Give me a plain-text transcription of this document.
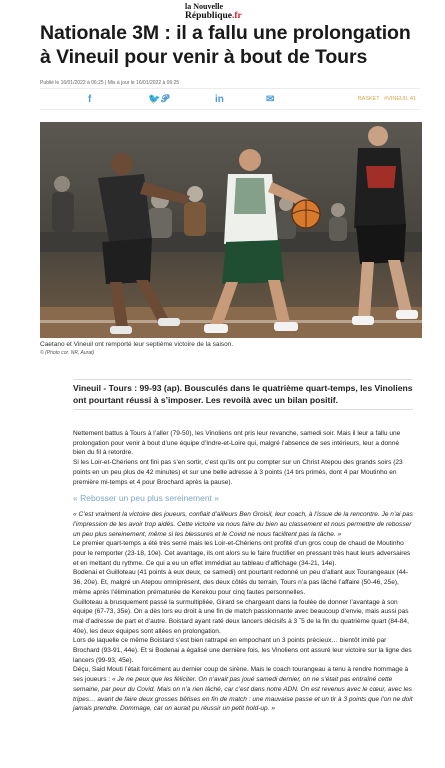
la Nouvelle
République.fr
Nationale 3M : il a fallu une prolongation à Vineuil pour venir à bout de Tours
Publié le 16/01/2022 à 06:25 | Mis à jour le 16/01/2022 à 06:25
f	🐦 𝓟	in	✉	BASKET #VINEUIL 41
Caetano et Vineuil ont remporté leur septième victoire de la saison.
© (Photo cor. NR, Aurat)
Vineuil - Tours : 99-93 (ap). Bousculés dans le quatrième quart-temps, les Vinoliens ont pourtant réussi à s’imposer. Les revoilà avec un bilan positif.

Nettement battus à Tours à l’aller (79-50), les Vinoliens ont pris leur revanche, samedi soir. Mais il leur a fallu une prolongation pour venir à bout d’une équipe d’Indre-et-Loire qui, malgré l’absence de ses intérieurs, leur a donné bien du fil à retordre.

Si les Loir-et-Chériens ont fini pas s’en sortir, c’est qu’ils ont pu compter sur un Christ Atepou des grands soirs (23 points en un peu plus de 42 minutes) et sur une belle adresse à 3 points (14 tirs primés, dont 4 par Moutinho en première mi-temps et 4 pour Brochard après la pause).

« Rebosser un peu plus sereinement »

« C’est vraiment la victoire des joueurs, confiait d’ailleurs Ben Groisil, leur coach, à l’issue de la rencontre. Je n’ai pas l’impression de les avoir trop aidés. Cette victoire va nous faire du bien au classement et nous permettre de rebosser un peu plus sereinement, même si les blessures et le Covid ne nous facilitent pas la tâche. »

Le premier quart-temps a été très serré mais les Loir-et-Chériens ont profité d’un gros coup de chaud de Moutinho pour le remporter (23-18, 10e). Cet avantage, ils ont alors su le faire fructifier en pressant très haut leurs adversaires et en mettant du rythme. Ce qui a eu un effet immédiat au tableau d’affichage (34-21, 14e).

Bodenai et Guilloteau (41 points à eux deux, ce samedi) ont pourtant redonné un peu d’allant aux Tourangeaux (44-36, 20e). Et, malgré un Atepou omniprésent, des deux côtés du terrain, Tours n’a pas lâché l’affaire (50-46, 25e), même après l’élimination prématurée de Kerekou pour cinq fautes personnelles.

Guilloteau a brusquement passé la surmultipliée, Girard se chargeant dans la foulée de donner l’avantage à son équipe (67-73, 35e). On a dès lors eu droit à une fin de match passionnante avec beaucoup d’envie, mais aussi pas mal d’adresse de part et d’autre. Boistard ayant raté deux lancers décisifs à 3 ˝5 de la fin du quatrième quart (84-84, 40e), les deux équipes sont allées en prolongation.

Lors de laquelle ce même Boistard s’est bien rattrapé en empochant un 3 points précieux… bientôt imité par Brochard (93-91, 44e). Et si Bodenai a égalisé une dernière fois, les Vinoliens ont assuré leur victoire sur la ligne des lancers (99-93, 45e).

Déçu, Said Mouti l’était forcément au dernier coup de sirène. Mais le coach tourangeau a tenu à rendre hommage à ses joueurs : « Je ne peux que les féliciter. On n’avait pas joué samedi dernier, on ne s’était pas entraîné cette semaine, par peur du Covid. Mais on n’a rien lâché, car c’est dans notre ADN. On est revenus avec le cœur, avec les tripes… avant de faire deux grosses bêtises en fin de match : une mauvaise passe et un tir à 3 points que l’on ne doit jamais prendre. Dommage, car on aurait pu réussir un petit hold-up. »
